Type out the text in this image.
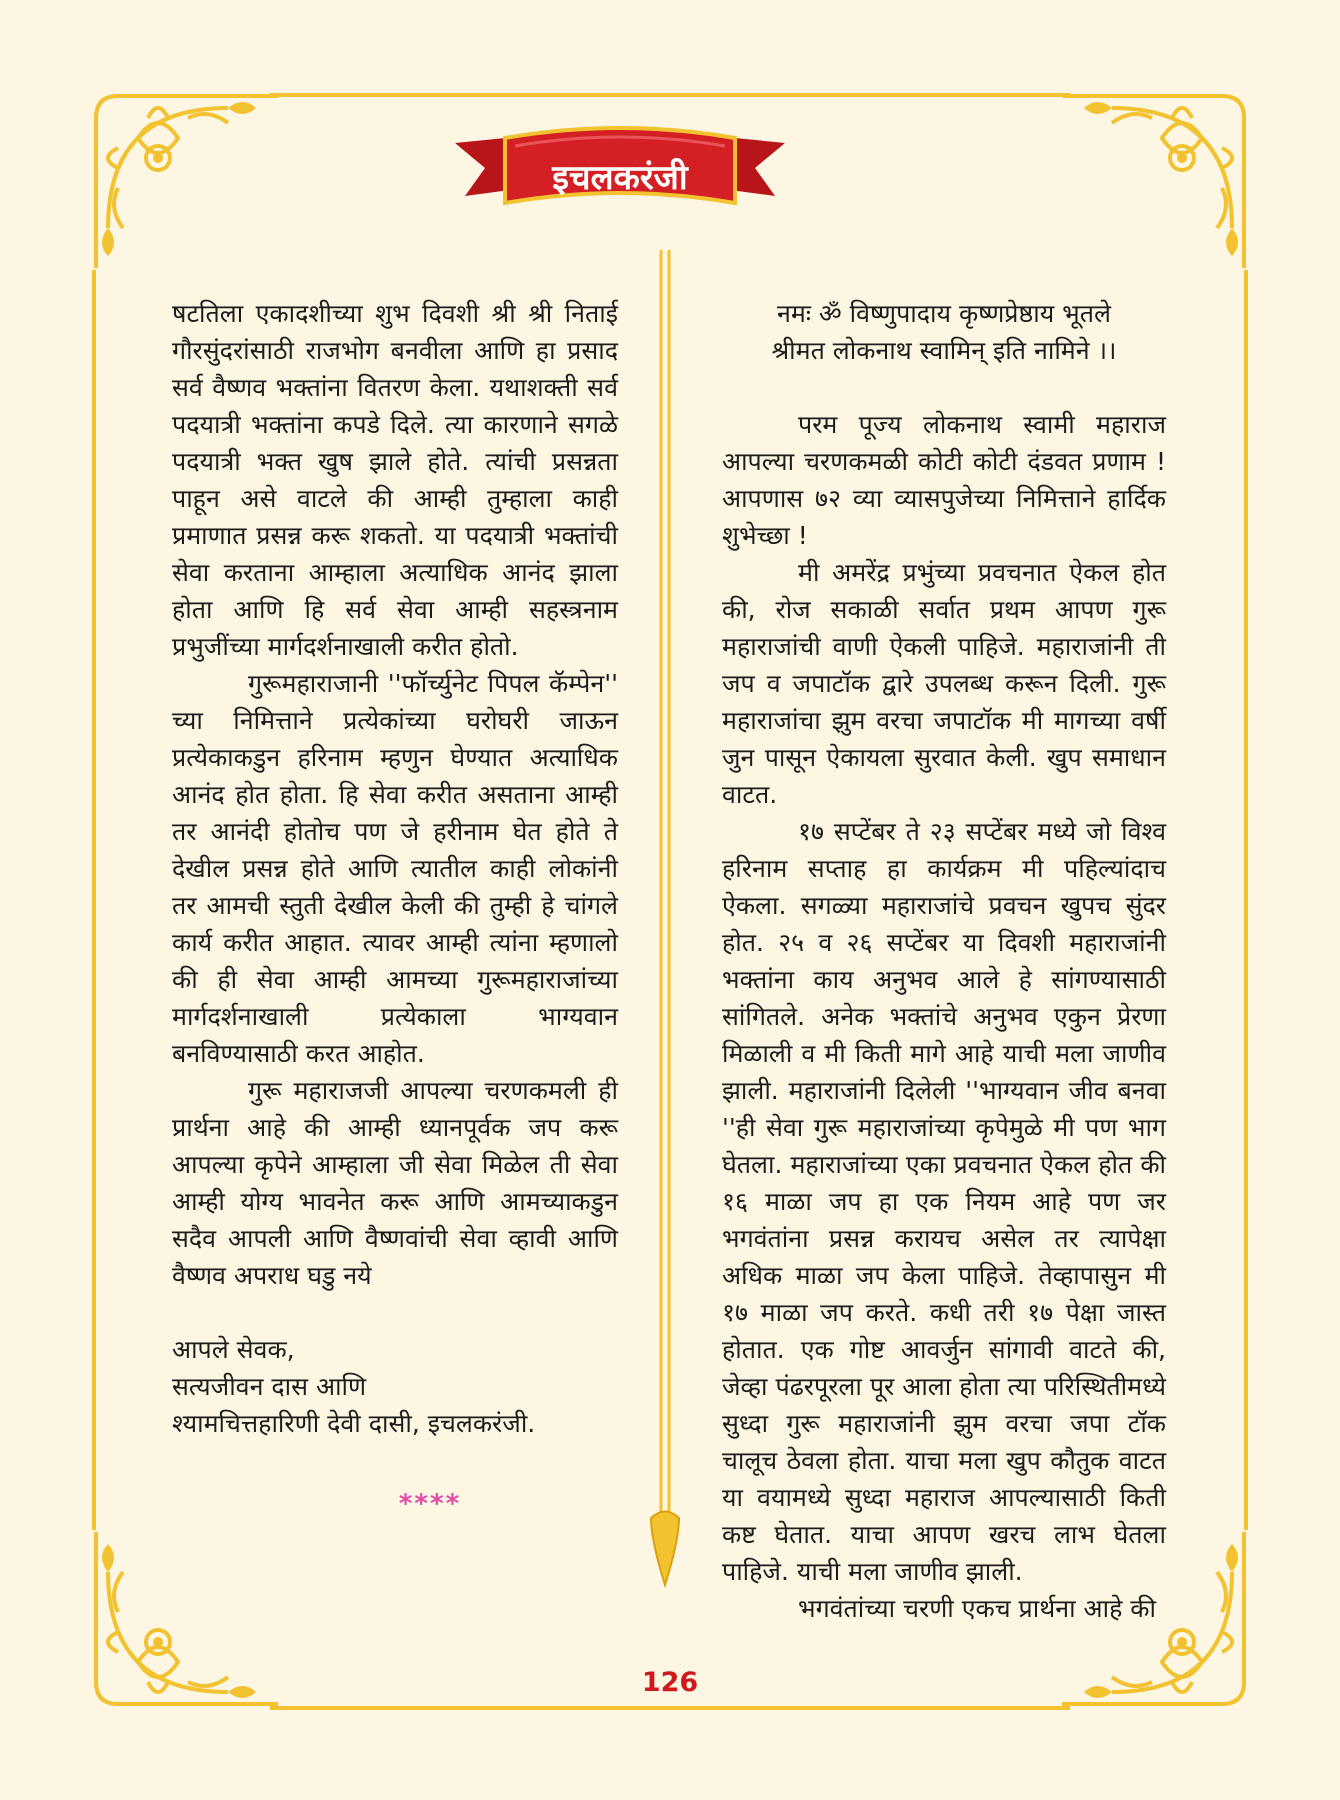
इचलकरंजी

षटतिला एकादशीच्या शुभ दिवशी श्री श्री निताई गौरसुंदरांसाठी राजभोग बनवीला आणि हा प्रसाद सर्व वैष्णव भक्तांना वितरण केला. यथाशक्ती सर्व पदयात्री भक्तांना कपडे दिले. त्या कारणाने सगळे पदयात्री भक्त खुष झाले होते. त्यांची प्रसन्नता पाहून असे वाटले की आम्ही तुम्हाला काही प्रमाणात प्रसन्न करू शकतो. या पदयात्री भक्तांची सेवा करताना आम्हाला अत्याधिक आनंद झाला होता आणि हि सर्व सेवा आम्ही सहस्त्रनाम प्रभुजींच्या मार्गदर्शनाखाली करीत होतो.

गुरूमहाराजानी ''फॉर्च्युनेट पिपल कॅम्पेन'' च्या निमित्ताने प्रत्येकांच्या घरोघरी जाऊन प्रत्येकाकडुन हरिनाम म्हणुन घेण्यात अत्याधिक आनंद होत होता. हि सेवा करीत असताना आम्ही तर आनंदी होतोच पण जे हरीनाम घेत होते ते देखील प्रसन्न होते आणि त्यातील काही लोकांनी तर आमची स्तुती देखील केली की तुम्ही हे चांगले कार्य करीत आहात. त्यावर आम्ही त्यांना म्हणालो की ही सेवा आम्ही आमच्या गुरूमहाराजांच्या मार्गदर्शनाखाली प्रत्येकाला भाग्यवान बनविण्यासाठी करत आहोत.

गुरू महाराजजी आपल्या चरणकमली ही प्रार्थना आहे की आम्ही ध्यानपूर्वक जप करू आपल्या कृपेने आम्हाला जी सेवा मिळेल ती सेवा आम्ही योग्य भावनेत करू आणि आमच्याकडुन सदैव आपली आणि वैष्णवांची सेवा व्हावी आणि वैष्णव अपराध घडु नये

आपले सेवक,

सत्यजीवन दास आणि

श्यामचित्तहारिणी देवी दासी, इचलकरंजी.

****

नमः ॐ विष्णुपादाय कृष्णप्रेष्ठाय भूतले

श्रीमत लोकनाथ स्वामिन् इति नामिने ।।

परम पूज्य लोकनाथ स्वामी महाराज आपल्या चरणकमळी कोटी कोटी दंडवत प्रणाम ! आपणास ७२ व्या व्यासपुजेच्या निमित्ताने हार्दिक शुभेच्छा !

मी अमरेंद्र प्रभुंच्या प्रवचनात ऐकल होत की, रोज सकाळी सर्वात प्रथम आपण गुरू महाराजांची वाणी ऐकली पाहिजे. महाराजांनी ती जप व जपाटॉक द्वारे उपलब्ध करून दिली. गुरू महाराजांचा झुम वरचा जपाटॉक मी मागच्या वर्षी जुन पासून ऐकायला सुरवात केली. खुप समाधान वाटत.

१७ सप्टेंबर ते २३ सप्टेंबर मध्ये जो विश्व हरिनाम सप्ताह हा कार्यक्रम मी पहिल्यांदाच ऐकला. सगळ्या महाराजांचे प्रवचन खुपच सुंदर होत. २५ व २६ सप्टेंबर या दिवशी महाराजांनी भक्तांना काय अनुभव आले हे सांगण्यासाठी सांगितले. अनेक भक्तांचे अनुभव एकुन प्रेरणा मिळाली व मी किती मागे आहे याची मला जाणीव झाली. महाराजांनी दिलेली ''भाग्यवान जीव बनवा ''ही सेवा गुरू महाराजांच्या कृपेमुळे मी पण भाग घेतला. महाराजांच्या एका प्रवचनात ऐकल होत की १६ माळा जप हा एक नियम आहे पण जर भगवंतांना प्रसन्न करायच असेल तर त्यापेक्षा अधिक माळा जप केला पाहिजे. तेव्हापासुन मी १७ माळा जप करते. कधी तरी १७ पेक्षा जास्त होतात. एक गोष्ट आवर्जुन सांगावी वाटते की, जेव्हा पंढरपूरला पूर आला होता त्या परिस्थितीमध्ये सुध्दा गुरू महाराजांनी झुम वरचा जपा टॉक चालूच ठेवला होता. याचा मला खुप कौतुक वाटत या वयामध्ये सुध्दा महाराज आपल्यासाठी किती कष्ट घेतात. याचा आपण खरच लाभ घेतला पाहिजे. याची मला जाणीव झाली.

भगवंतांच्या चरणी एकच प्रार्थना आहे की

126
